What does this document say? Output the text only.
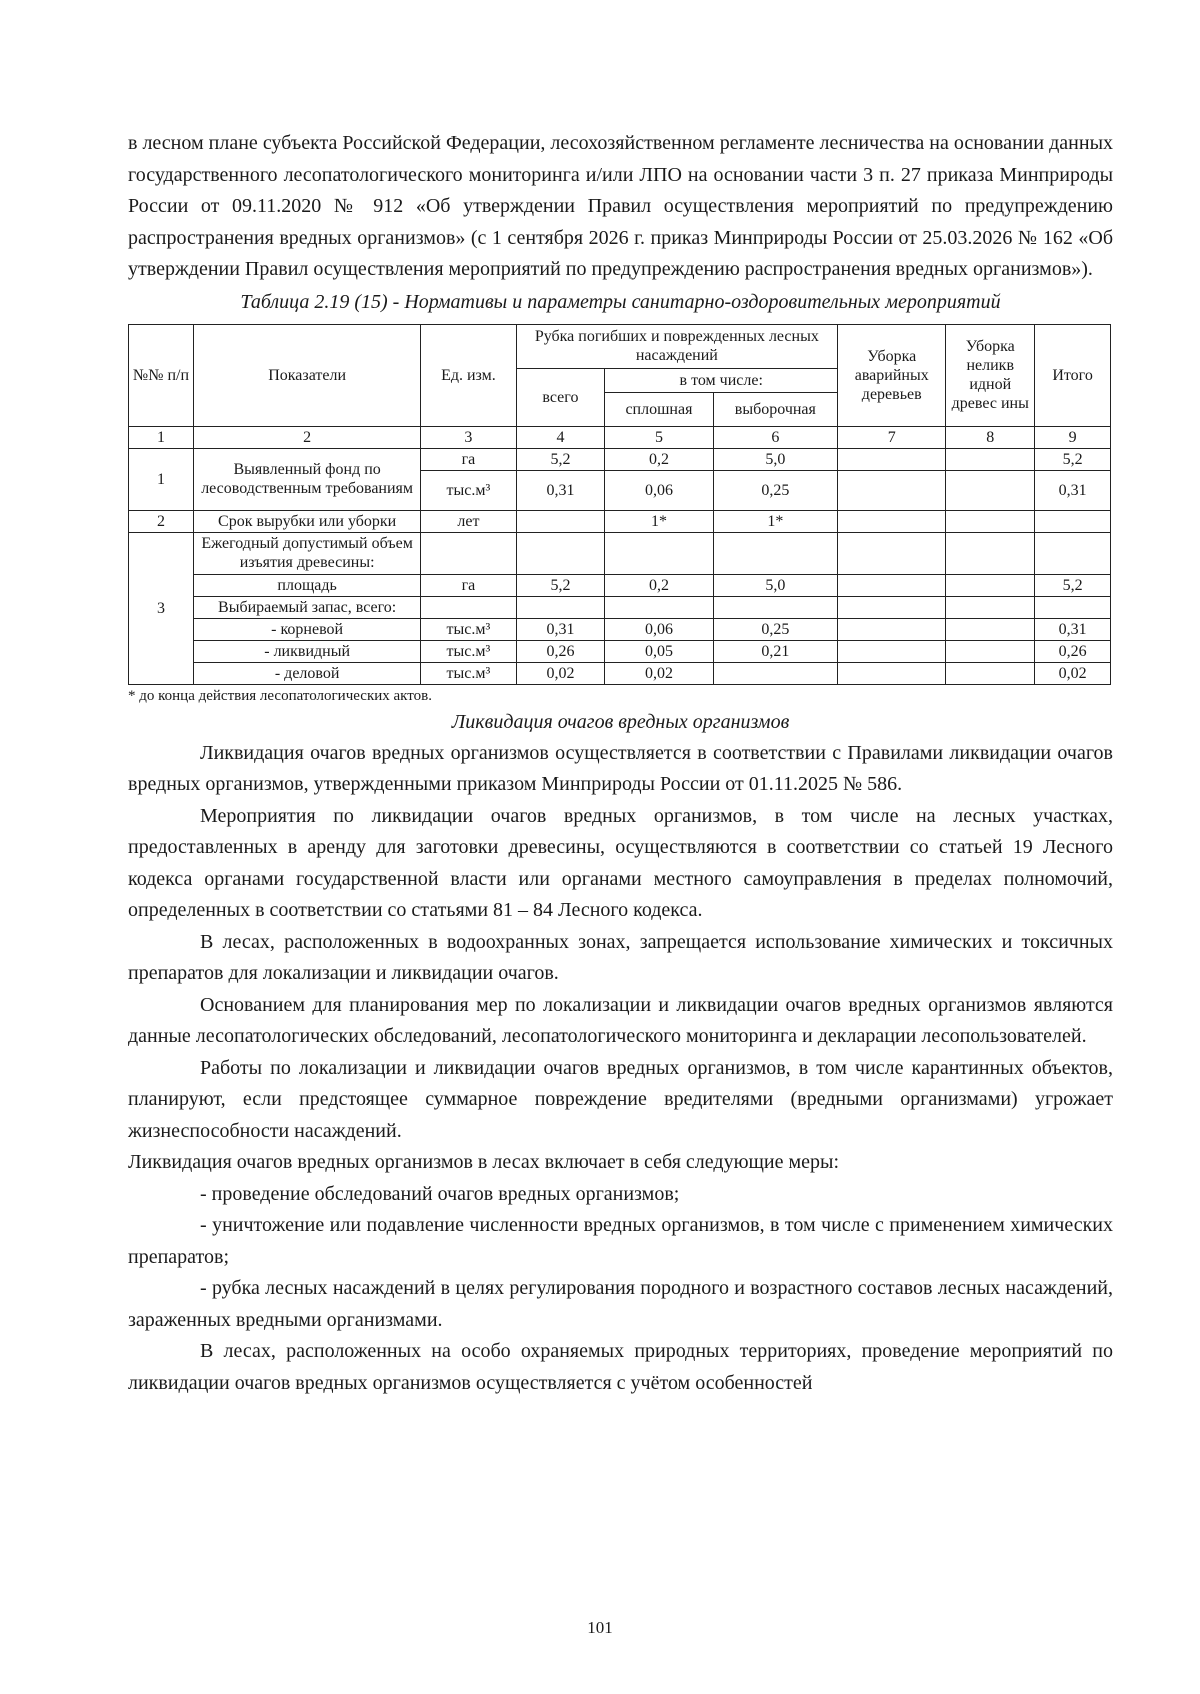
в лесном плане субъекта Российской Федерации, лесохозяйственном регламенте лесничества на основании данных государственного лесопатологического мониторинга и/или ЛПО на основании части 3 п. 27 приказа Минприроды России от 09.11.2020 № 912 «Об утверждении Правил осуществления мероприятий по предупреждению распространения вредных организмов» (с 1 сентября 2026 г. приказ Минприроды России от 25.03.2026 № 162 «Об утверждении Правил осуществления мероприятий по предупреждению распространения вредных организмов»).

Таблица 2.19 (15) - Нормативы и параметры санитарно-оздоровительных мероприятий
№№ п/п	Показатели	Ед. изм.	Рубка погибших и поврежденных лесных насаждений			Уборка аварийных деревьев	Уборка неликв идной древес ины	Итого
			всего	в том числе:				
				сплошная	выборочная			
1	2	3	4	5	6	7	8	9
1	Выявленный фонд по лесоводственным требованиям	га	5,2	0,2	5,0			5,2
		тыс.м³	0,31	0,06	0,25			0,31
2	Срок вырубки или уборки	лет		1*	1*			
3	Ежегодный допустимый объем изъятия древесины:							
	площадь	га	5,2	0,2	5,0			5,2
	Выбираемый запас, всего:							
	- корневой	тыс.м³	0,31	0,06	0,25			0,31
	- ликвидный	тыс.м³	0,26	0,05	0,21			0,26
	- деловой	тыс.м³	0,02	0,02				0,02
* до конца действия лесопатологических актов.
Ликвидация очагов вредных организмов

Ликвидация очагов вредных организмов осуществляется в соответствии с Правилами ликвидации очагов вредных организмов, утвержденными приказом Минприроды России от 01.11.2025 № 586.

Мероприятия по ликвидации очагов вредных организмов, в том числе на лесных участках, предоставленных в аренду для заготовки древесины, осуществляются в соответствии со статьей 19 Лесного кодекса органами государственной власти или органами местного самоуправления в пределах полномочий, определенных в соответствии со статьями 81 – 84 Лесного кодекса.

В лесах, расположенных в водоохранных зонах, запрещается использование химических и токсичных препаратов для локализации и ликвидации очагов.

Основанием для планирования мер по локализации и ликвидации очагов вредных организмов являются данные лесопатологических обследований, лесопатологического мониторинга и декларации лесопользователей.

Работы по локализации и ликвидации очагов вредных организмов, в том числе карантинных объектов, планируют, если предстоящее суммарное повреждение вредителями (вредными организмами) угрожает жизнеспособности насаждений.

Ликвидация очагов вредных организмов в лесах включает в себя следующие меры:

- проведение обследований очагов вредных организмов;

- уничтожение или подавление численности вредных организмов, в том числе с применением химических препаратов;

- рубка лесных насаждений в целях регулирования породного и возрастного составов лесных насаждений, зараженных вредными организмами.

В лесах, расположенных на особо охраняемых природных территориях, проведение мероприятий по ликвидации очагов вредных организмов осуществляется с учётом особенностей

101
